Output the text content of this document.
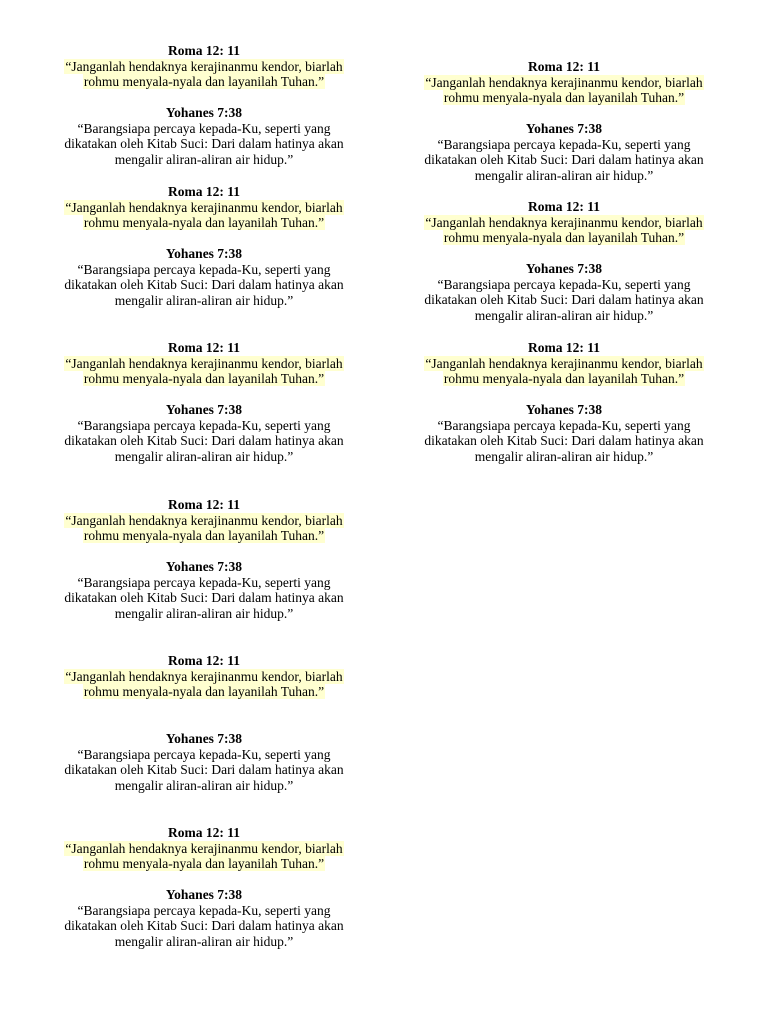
Roma 12: 11
“Janganlah hendaknya kerajinanmu kendor, biarlah
rohmu menyala-nyala dan layanilah Tuhan.”
Yohanes 7:38
“Barangsiapa percaya kepada-Ku, seperti yang
dikatakan oleh Kitab Suci: Dari dalam hatinya akan
mengalir aliran-aliran air hidup.”
Roma 12: 11
“Janganlah hendaknya kerajinanmu kendor, biarlah
rohmu menyala-nyala dan layanilah Tuhan.”
Yohanes 7:38
“Barangsiapa percaya kepada-Ku, seperti yang
dikatakan oleh Kitab Suci: Dari dalam hatinya akan
mengalir aliran-aliran air hidup.”
Roma 12: 11
“Janganlah hendaknya kerajinanmu kendor, biarlah
rohmu menyala-nyala dan layanilah Tuhan.”
Yohanes 7:38
“Barangsiapa percaya kepada-Ku, seperti yang
dikatakan oleh Kitab Suci: Dari dalam hatinya akan
mengalir aliran-aliran air hidup.”
Roma 12: 11
“Janganlah hendaknya kerajinanmu kendor, biarlah
rohmu menyala-nyala dan layanilah Tuhan.”
Yohanes 7:38
“Barangsiapa percaya kepada-Ku, seperti yang
dikatakan oleh Kitab Suci: Dari dalam hatinya akan
mengalir aliran-aliran air hidup.”
Roma 12: 11
“Janganlah hendaknya kerajinanmu kendor, biarlah
rohmu menyala-nyala dan layanilah Tuhan.”
Yohanes 7:38
“Barangsiapa percaya kepada-Ku, seperti yang
dikatakan oleh Kitab Suci: Dari dalam hatinya akan
mengalir aliran-aliran air hidup.”
Roma 12: 11
“Janganlah hendaknya kerajinanmu kendor, biarlah
rohmu menyala-nyala dan layanilah Tuhan.”
Yohanes 7:38
“Barangsiapa percaya kepada-Ku, seperti yang
dikatakan oleh Kitab Suci: Dari dalam hatinya akan
mengalir aliran-aliran air hidup.”
Roma 12: 11
“Janganlah hendaknya kerajinanmu kendor, biarlah
rohmu menyala-nyala dan layanilah Tuhan.”
Yohanes 7:38
“Barangsiapa percaya kepada-Ku, seperti yang
dikatakan oleh Kitab Suci: Dari dalam hatinya akan
mengalir aliran-aliran air hidup.”
Roma 12: 11
“Janganlah hendaknya kerajinanmu kendor, biarlah
rohmu menyala-nyala dan layanilah Tuhan.”
Yohanes 7:38
“Barangsiapa percaya kepada-Ku, seperti yang
dikatakan oleh Kitab Suci: Dari dalam hatinya akan
mengalir aliran-aliran air hidup.”
Roma 12: 11
“Janganlah hendaknya kerajinanmu kendor, biarlah
rohmu menyala-nyala dan layanilah Tuhan.”
Yohanes 7:38
“Barangsiapa percaya kepada-Ku, seperti yang
dikatakan oleh Kitab Suci: Dari dalam hatinya akan
mengalir aliran-aliran air hidup.”
